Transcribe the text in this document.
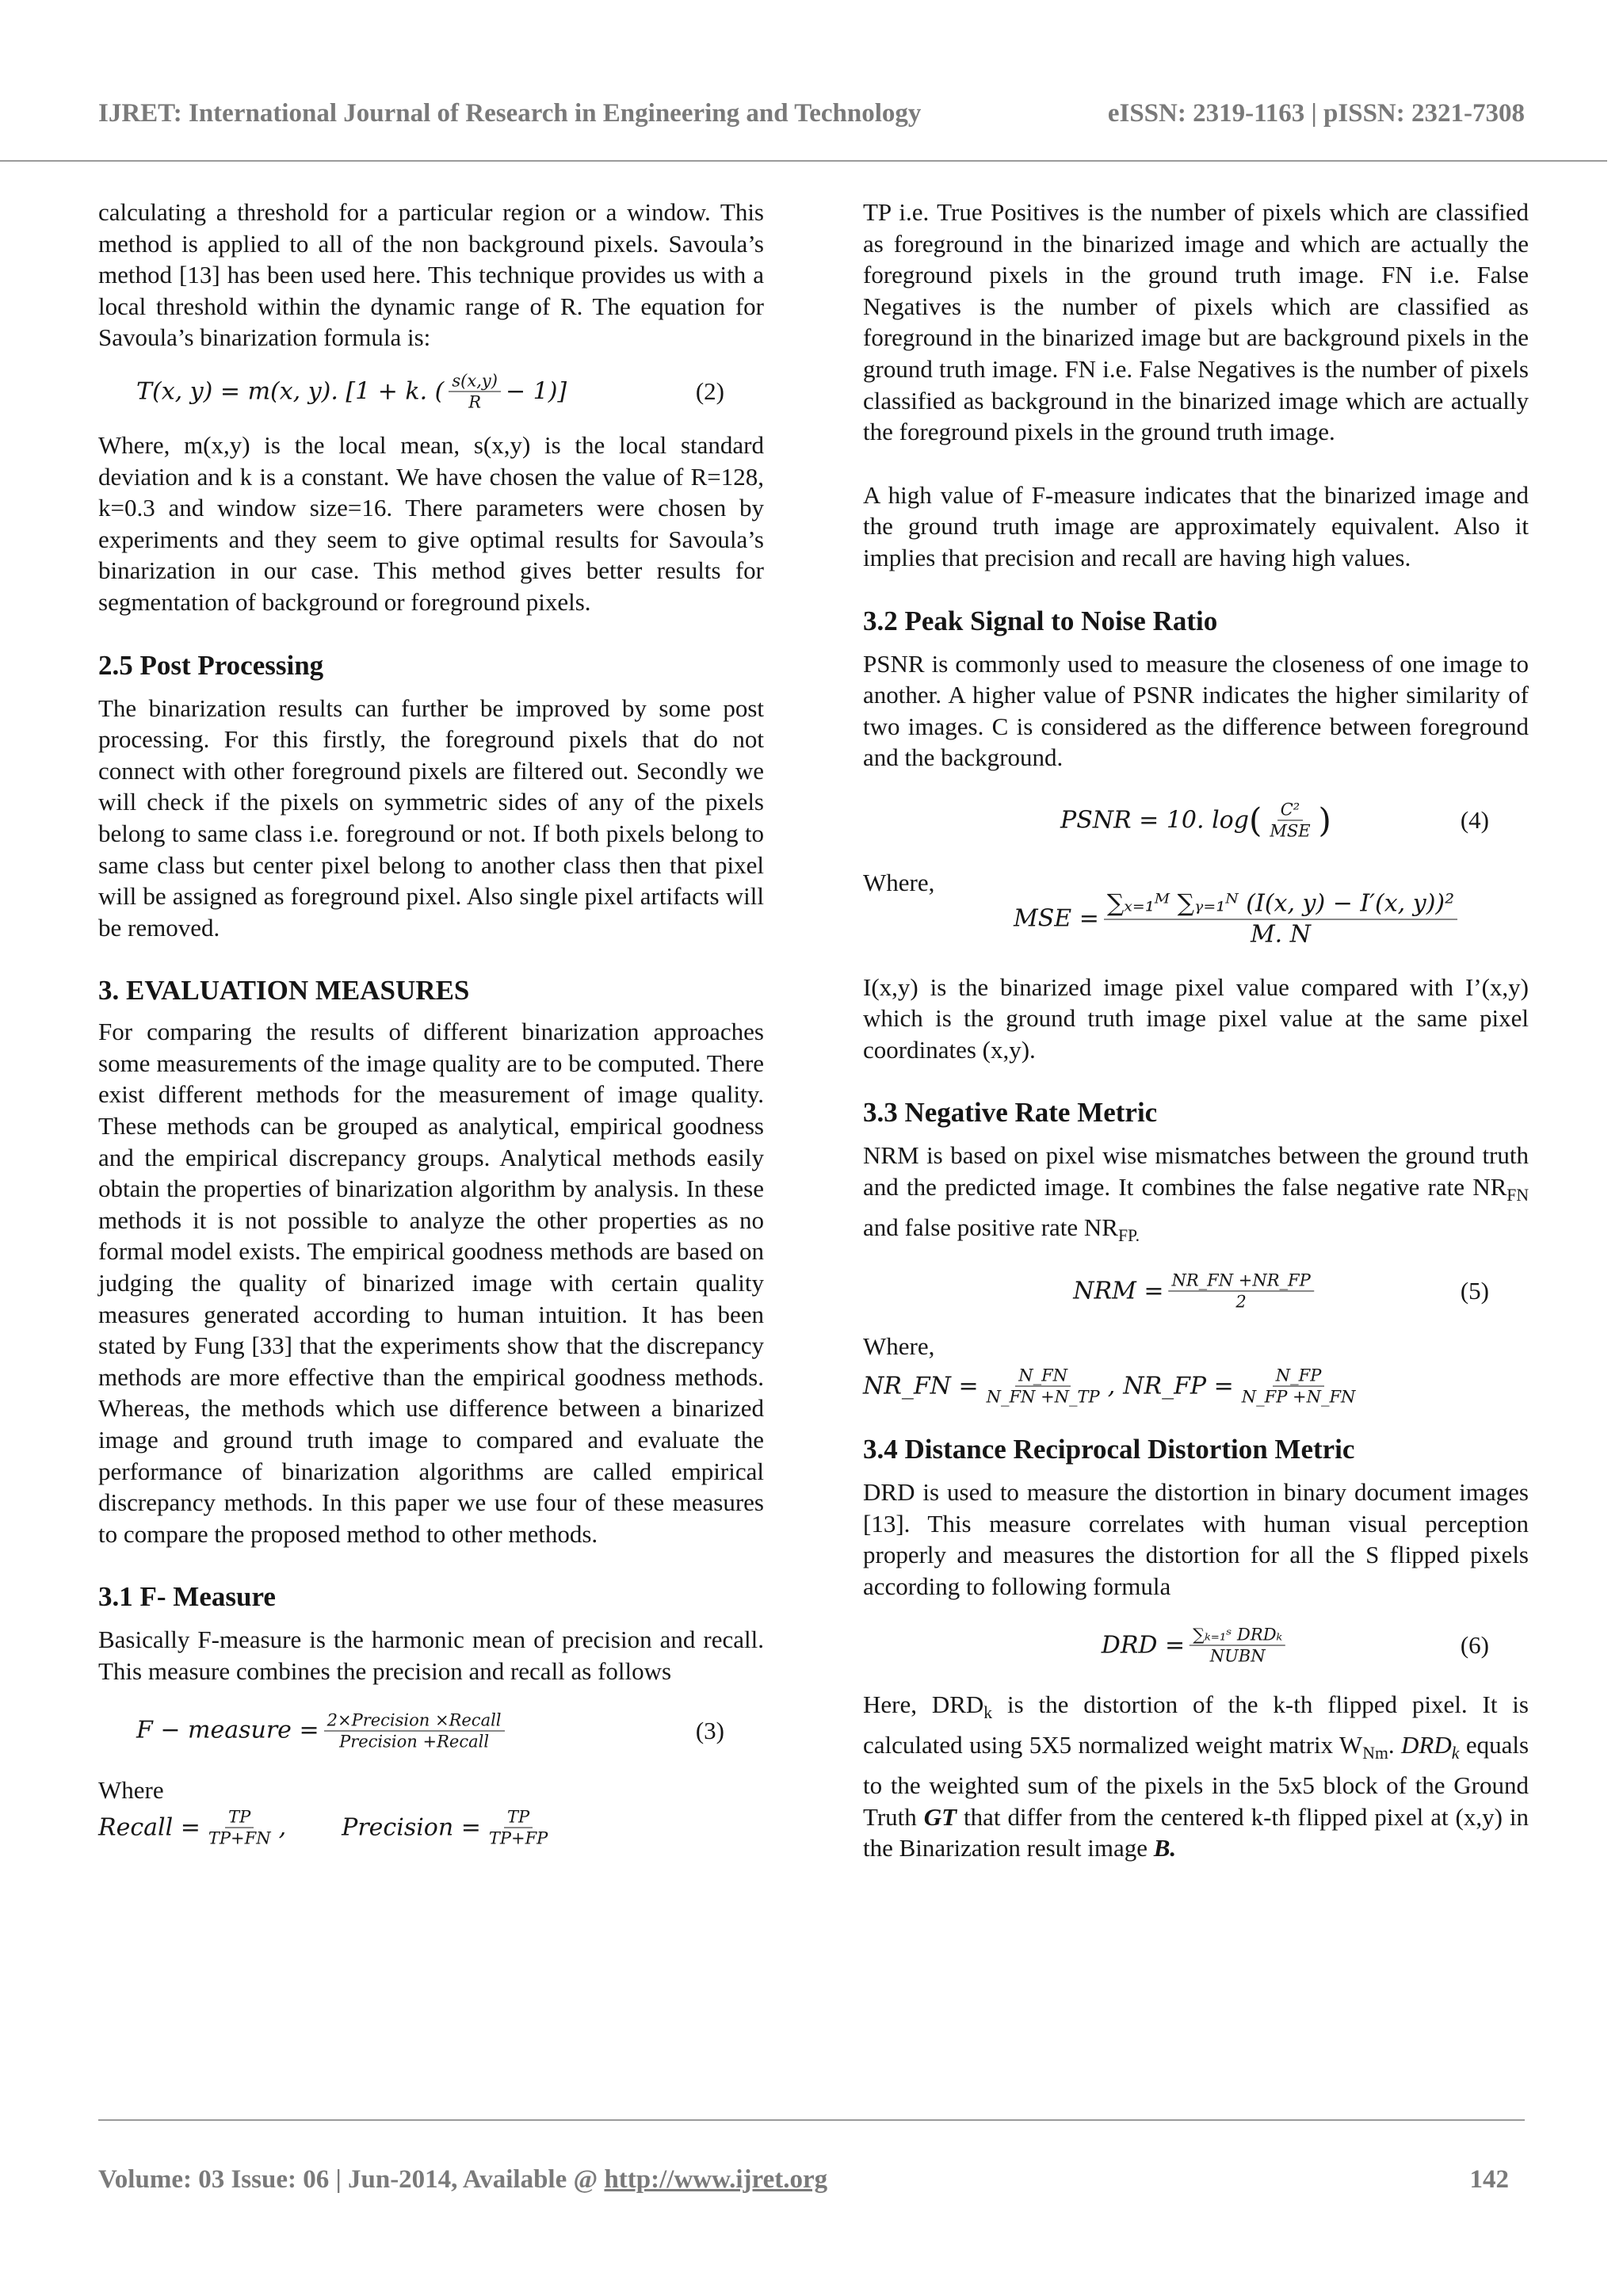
IJRET: International Journal of Research in Engineering and Technology	eISSN: 2319-1163 | pISSN: 2321-7308

calculating a threshold for a particular region or a window. This method is applied to all of the non background pixels. Savoula’s method [13] has been used here. This technique provides us with a local threshold within the dynamic range of R. The equation for Savoula’s binarization formula is:

T(x, y) = m(x, y). [1 + k. ( $\frac{s(x,y)}{R} - 1$)]	(2)

Where, m(x,y) is the local mean, s(x,y) is the local standard deviation and k is a constant. We have chosen the value of R=128, k=0.3 and window size=16. There parameters were chosen by experiments and they seem to give optimal results for Savoula’s binarization in our case. This method gives better results for segmentation of background or foreground pixels.

2.5 Post Processing

The binarization results can further be improved by some post processing. For this firstly, the foreground pixels that do not connect with other foreground pixels are filtered out. Secondly we will check if the pixels on symmetric sides of any of the pixels belong to same class i.e. foreground or not. If both pixels belong to same class but center pixel belong to another class then that pixel will be assigned as foreground pixel. Also single pixel artifacts will be removed.

3. EVALUATION MEASURES

For comparing the results of different binarization approaches some measurements of the image quality are to be computed. There exist different methods for the measurement of image quality. These methods can be grouped as analytical, empirical goodness and the empirical discrepancy groups. Analytical methods easily obtain the properties of binarization algorithm by analysis. In these methods it is not possible to analyze the other properties as no formal model exists. The empirical goodness methods are based on judging the quality of binarized image with certain quality measures generated according to human intuition. It has been stated by Fung [33] that the experiments show that the discrepancy methods are more effective than the empirical goodness methods. Whereas, the methods which use difference between a binarized image and ground truth image to compared and evaluate the performance of binarization algorithms are called empirical discrepancy methods. In this paper we use four of these measures to compare the proposed method to other methods.

3.1 F- Measure

Basically F-measure is the harmonic mean of precision and recall. This measure combines the precision and recall as follows

F − measure = $\frac{\text{2×Precision ×Recall}}{\text{Precision +Recall}}$	(3)

Where

Recall = $\frac{TP}{TP+FN}$ , Precision = $\frac{TP}{TP+FP}$

TP i.e. True Positives is the number of pixels which are classified as foreground in the binarized image and which are actually the foreground pixels in the ground truth image. FN i.e. False Negatives is the number of pixels which are classified as foreground in the binarized image but are background pixels in the ground truth image. FN i.e. False Negatives is the number of pixels classified as background in the binarized image which are actually the foreground pixels in the ground truth image.

A high value of F-measure indicates that the binarized image and the ground truth image are approximately equivalent. Also it implies that precision and recall are having high values.

3.2 Peak Signal to Noise Ratio

PSNR is commonly used to measure the closeness of one image to another. A higher value of PSNR indicates the higher similarity of two images. C is considered as the difference between foreground and the background.

PSNR = 10. log ( $\frac{\text{C²}}{\text{MSE}}$ )	(4)

Where,

MSE = $\frac{\text{∑ₓ₌₁ᴹ ∑ᵧ₌₁ᴺ (I(x, y) − I′(x, y))²}}{M. N}$

I(x,y) is the binarized image pixel value compared with I’(x,y) which is the ground truth image pixel value at the same pixel coordinates (x,y).

3.3 Negative Rate Metric

NRM is based on pixel wise mismatches between the ground truth and the predicted image. It combines the false negative rate $NR_{FN}$ and false positive rate $NR_{FP.}$

NRM = $\frac{NR\_FN +NR\_FP}{2}$	(5)

Where,

NR_FN = $\frac{N\_FN}{N\_FN +N\_TP}$ , NR_FP = $\frac{N\_FP}{N\_FP +N\_FN}$
3.4 Distance Reciprocal Distortion Metric

DRD is used to measure the distortion in binary document images [13]. This measure correlates with human visual perception properly and measures the distortion for all the S flipped pixels according to following formula

DRD = $\frac{\text{∑ₖ₌₁ˢ DRDₖ}}{\text{NUBN}}$	(6)

Here, $DRD_k$ is the distortion of the k-th flipped pixel. It is calculated using 5X5 normalized weight matrix $W_{Nm}$. $DRD_k$ equals to the weighted sum of the pixels in the 5x5 block of the Ground Truth GT that differ from the centered k-th flipped pixel at (x,y) in the Binarization result image B.

Volume: 03 Issue: 06 | Jun-2014, Available @ http://www.ijret.org	142
